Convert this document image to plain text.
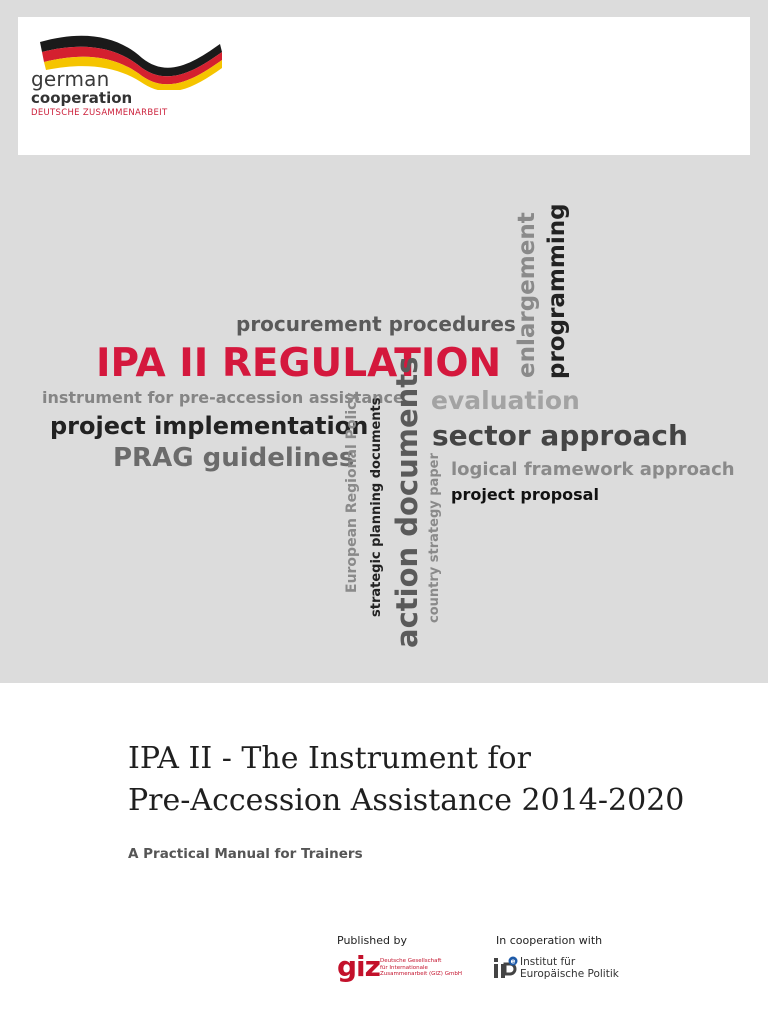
german
cooperation
DEUTSCHE ZUSAMMENARBEIT
procurement procedures
IPA II REGULATION
instrument for pre-accession assistance
project implementation
PRAG guidelines
European Regional Policy strategic planning documents action documents country strategy paper
enlargement programming
evaluation
sector approach
logical framework approach
project proposal
IPA II - The Instrument for
Pre-Accession Assistance 2014-2020
A Practical Manual for Trainers
Published by
giz Deutsche Gesellschaft
für Internationale
Zusammenarbeit (GIZ) GmbH
In cooperation with
e Institut für
Europäische Politik
